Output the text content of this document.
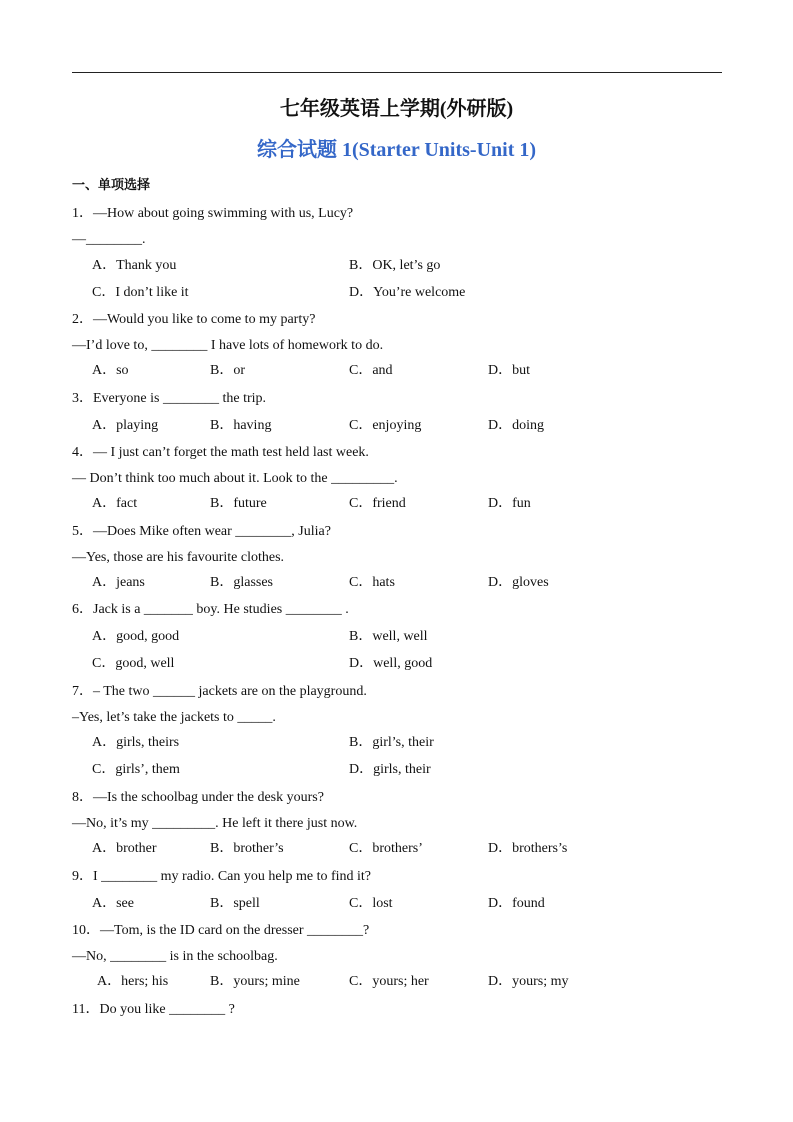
七年级英语上学期(外研版)
综合试题 1(Starter Units-Unit 1)
一、单项选择
1．—How about going swimming with us, Lucy?
—________.
A．Thank you	B．OK, let’s go
C．I don’t like it	D．You’re welcome
2．—Would you like to come to my party?
—I’d love to, ________ I have lots of homework to do.
A．so	B．or	C．and	D．but
3．Everyone is ________ the trip.
A．playing	B．having	C．enjoying	D．doing
4．— I just can’t forget the math test held last week.
— Don’t think too much about it. Look to the _________.
A．fact	B．future	C．friend	D．fun
5．—Does Mike often wear ________, Julia?
—Yes, those are his favourite clothes.
A．jeans	B．glasses	C．hats	D．gloves
6．Jack is a _______ boy. He studies ________ .
A．good, good	B．well, well
C．good, well	D．well, good
7．– The two ______ jackets are on the playground.
–Yes, let’s take the jackets to _____.
A．girls, theirs	B．girl’s, their
C．girls’, them	D．girls, their
8．—Is the schoolbag under the desk yours?
—No, it’s my _________. He left it there just now.
A．brother	B．brother’s	C．brothers’	D．brothers’s
9．I ________ my radio. Can you help me to find it?
A．see	B．spell	C．lost	D．found
10．—Tom, is the ID card on the dresser ________?
—No, ________ is in the schoolbag.
A．hers; his	B．yours; mine	C．yours; her	D．yours; my
11．Do you like ________ ?
